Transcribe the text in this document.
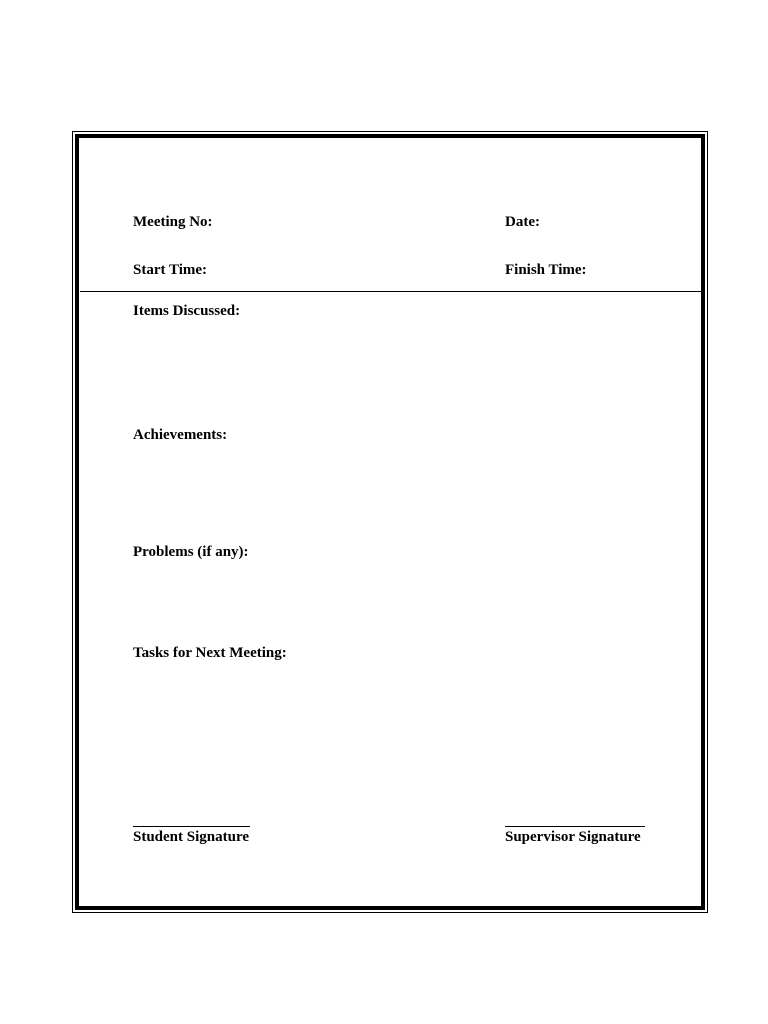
Meeting No:	Date:
Start Time:	Finish Time:
Items Discussed:
Achievements:
Problems (if any):
Tasks for Next Meeting:
Student Signature	Supervisor Signature
